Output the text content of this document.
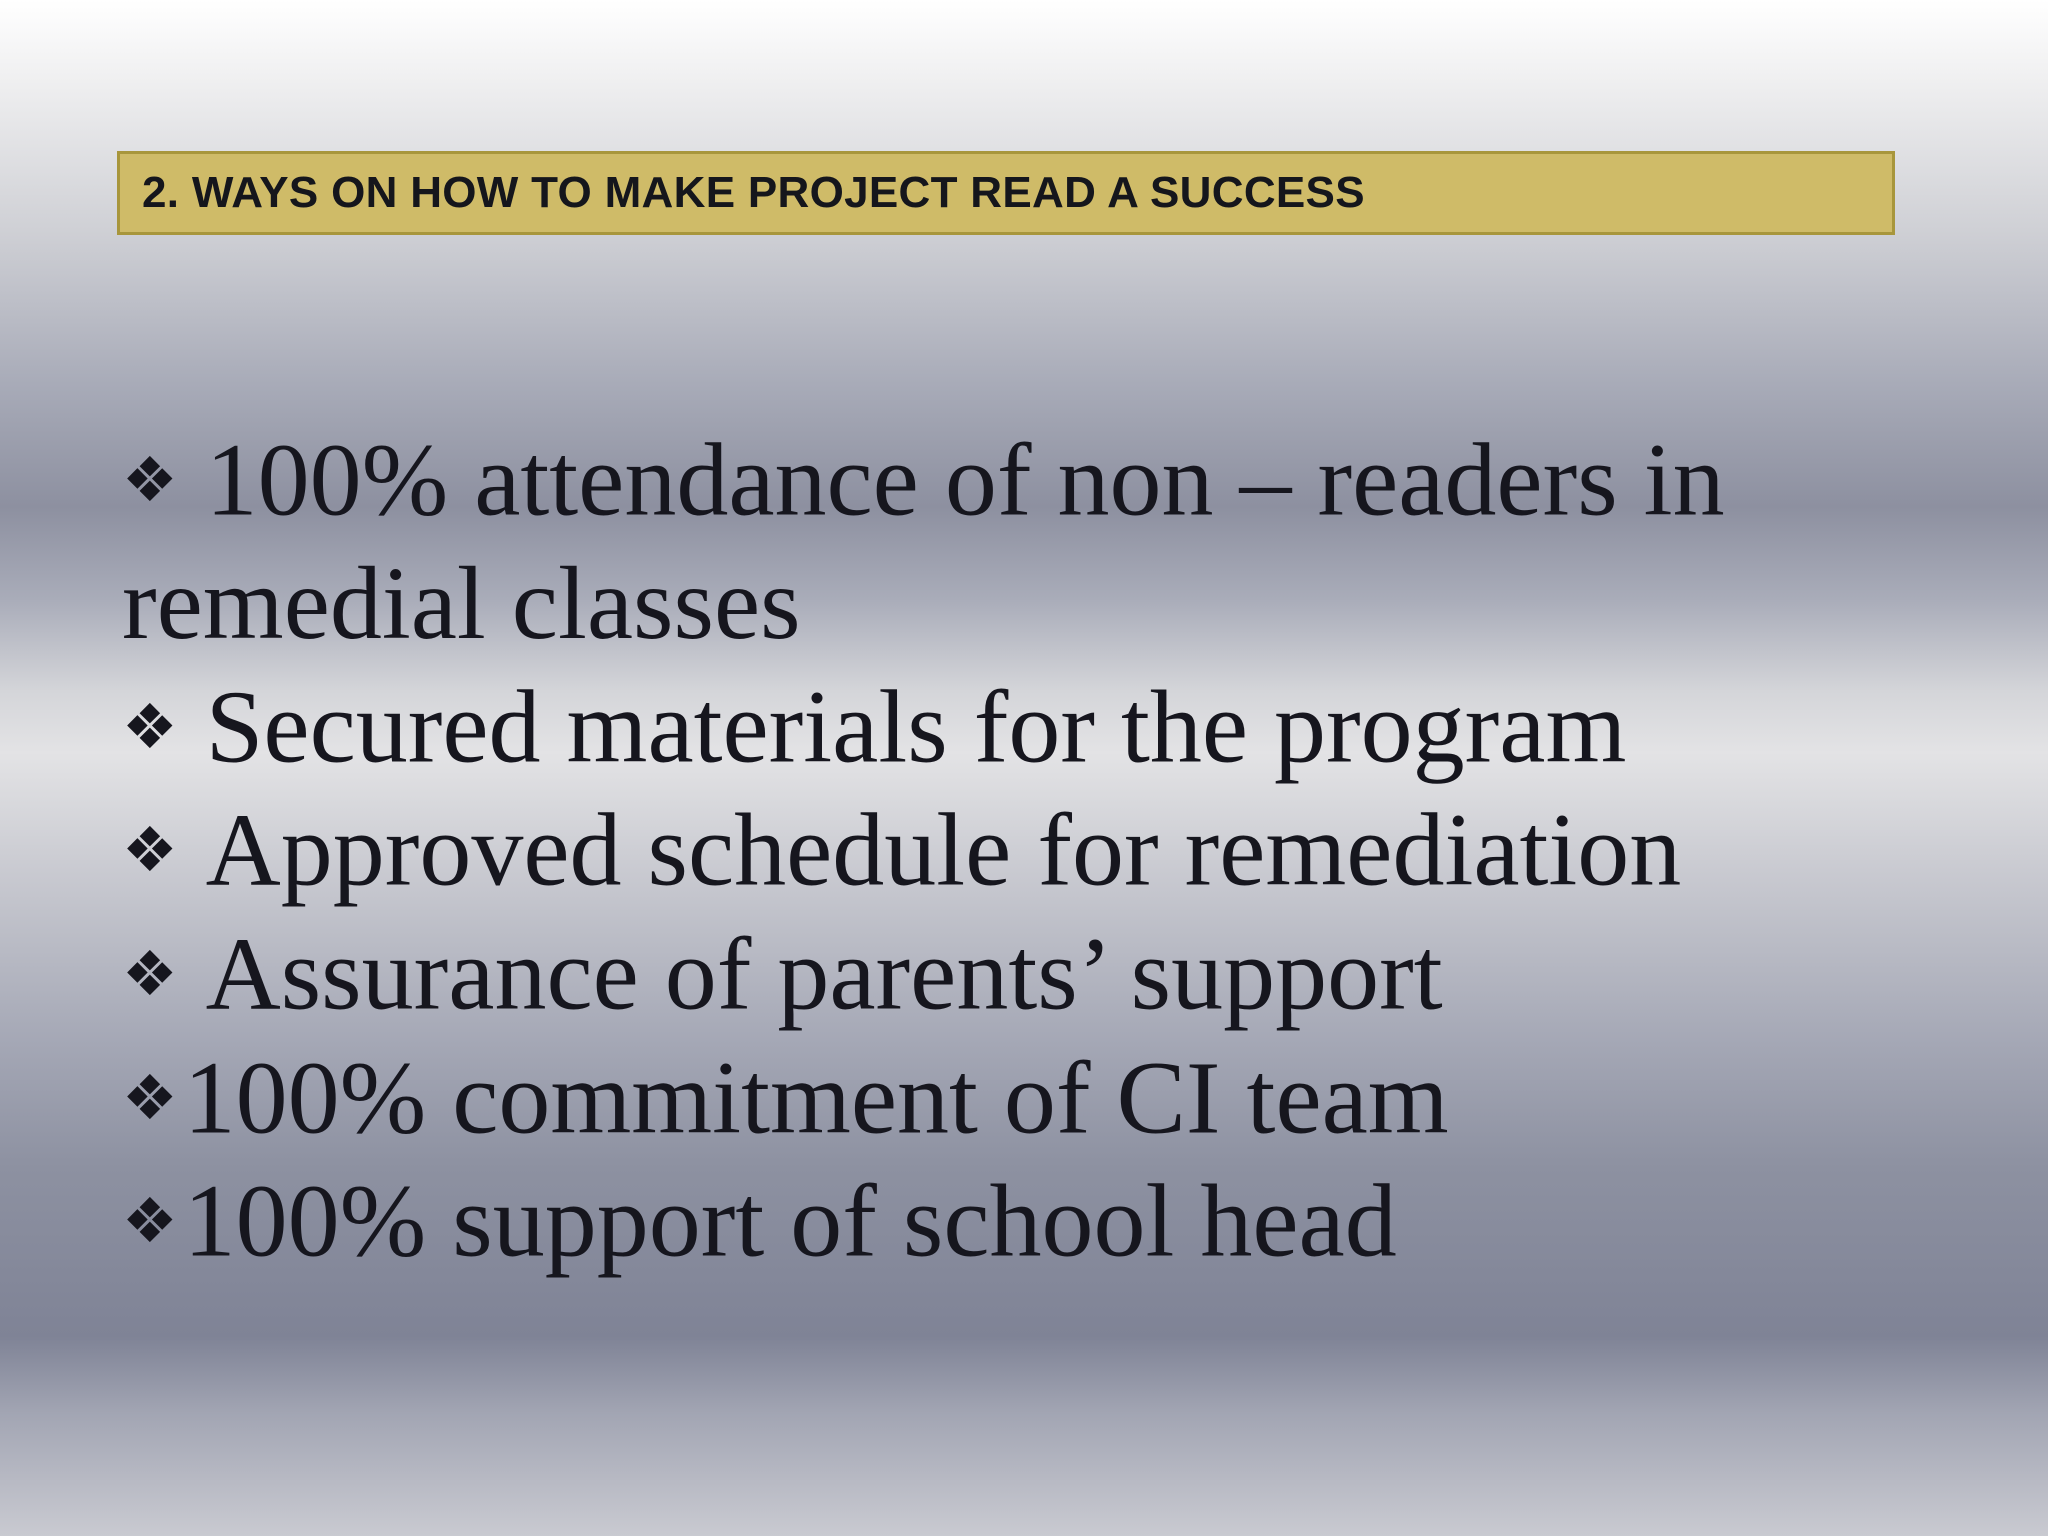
2. WAYS ON HOW TO MAKE PROJECT READ A SUCCESS
❖ 100% attendance of non – readers in remedial classes
❖ Secured materials for the program
❖ Approved schedule for remediation
❖ Assurance of parents’ support
❖100% commitment of CI team
❖100% support of school head
